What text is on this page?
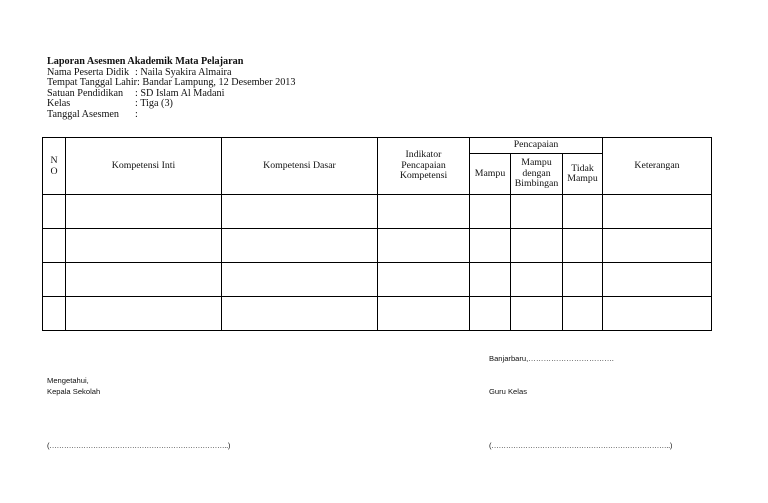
Laporan Asesmen Akademik Mata Pelajaran
Nama Peserta Didik : Naila Syakira Almaira
Tempat Tanggal Lahir : Bandar Lampung, 12 Desember 2013
Satuan Pendidikan	: SD Islam Al Madani
Kelas	: Tiga (3)
Tanggal Asesmen	:
N O	Kompetensi Inti	Kompetensi Dasar	Indikator Pencapaian Kompetensi	Pencapaian			Keterangan
				Mampu	Mampu dengan Bimbingan	Tidak Mampu	

Banjarbaru,…………………………….
Mengetahui,
Kepala Sekolah	Guru Kelas
(………………………………………………………………..)	(………………………………………………………………..)
